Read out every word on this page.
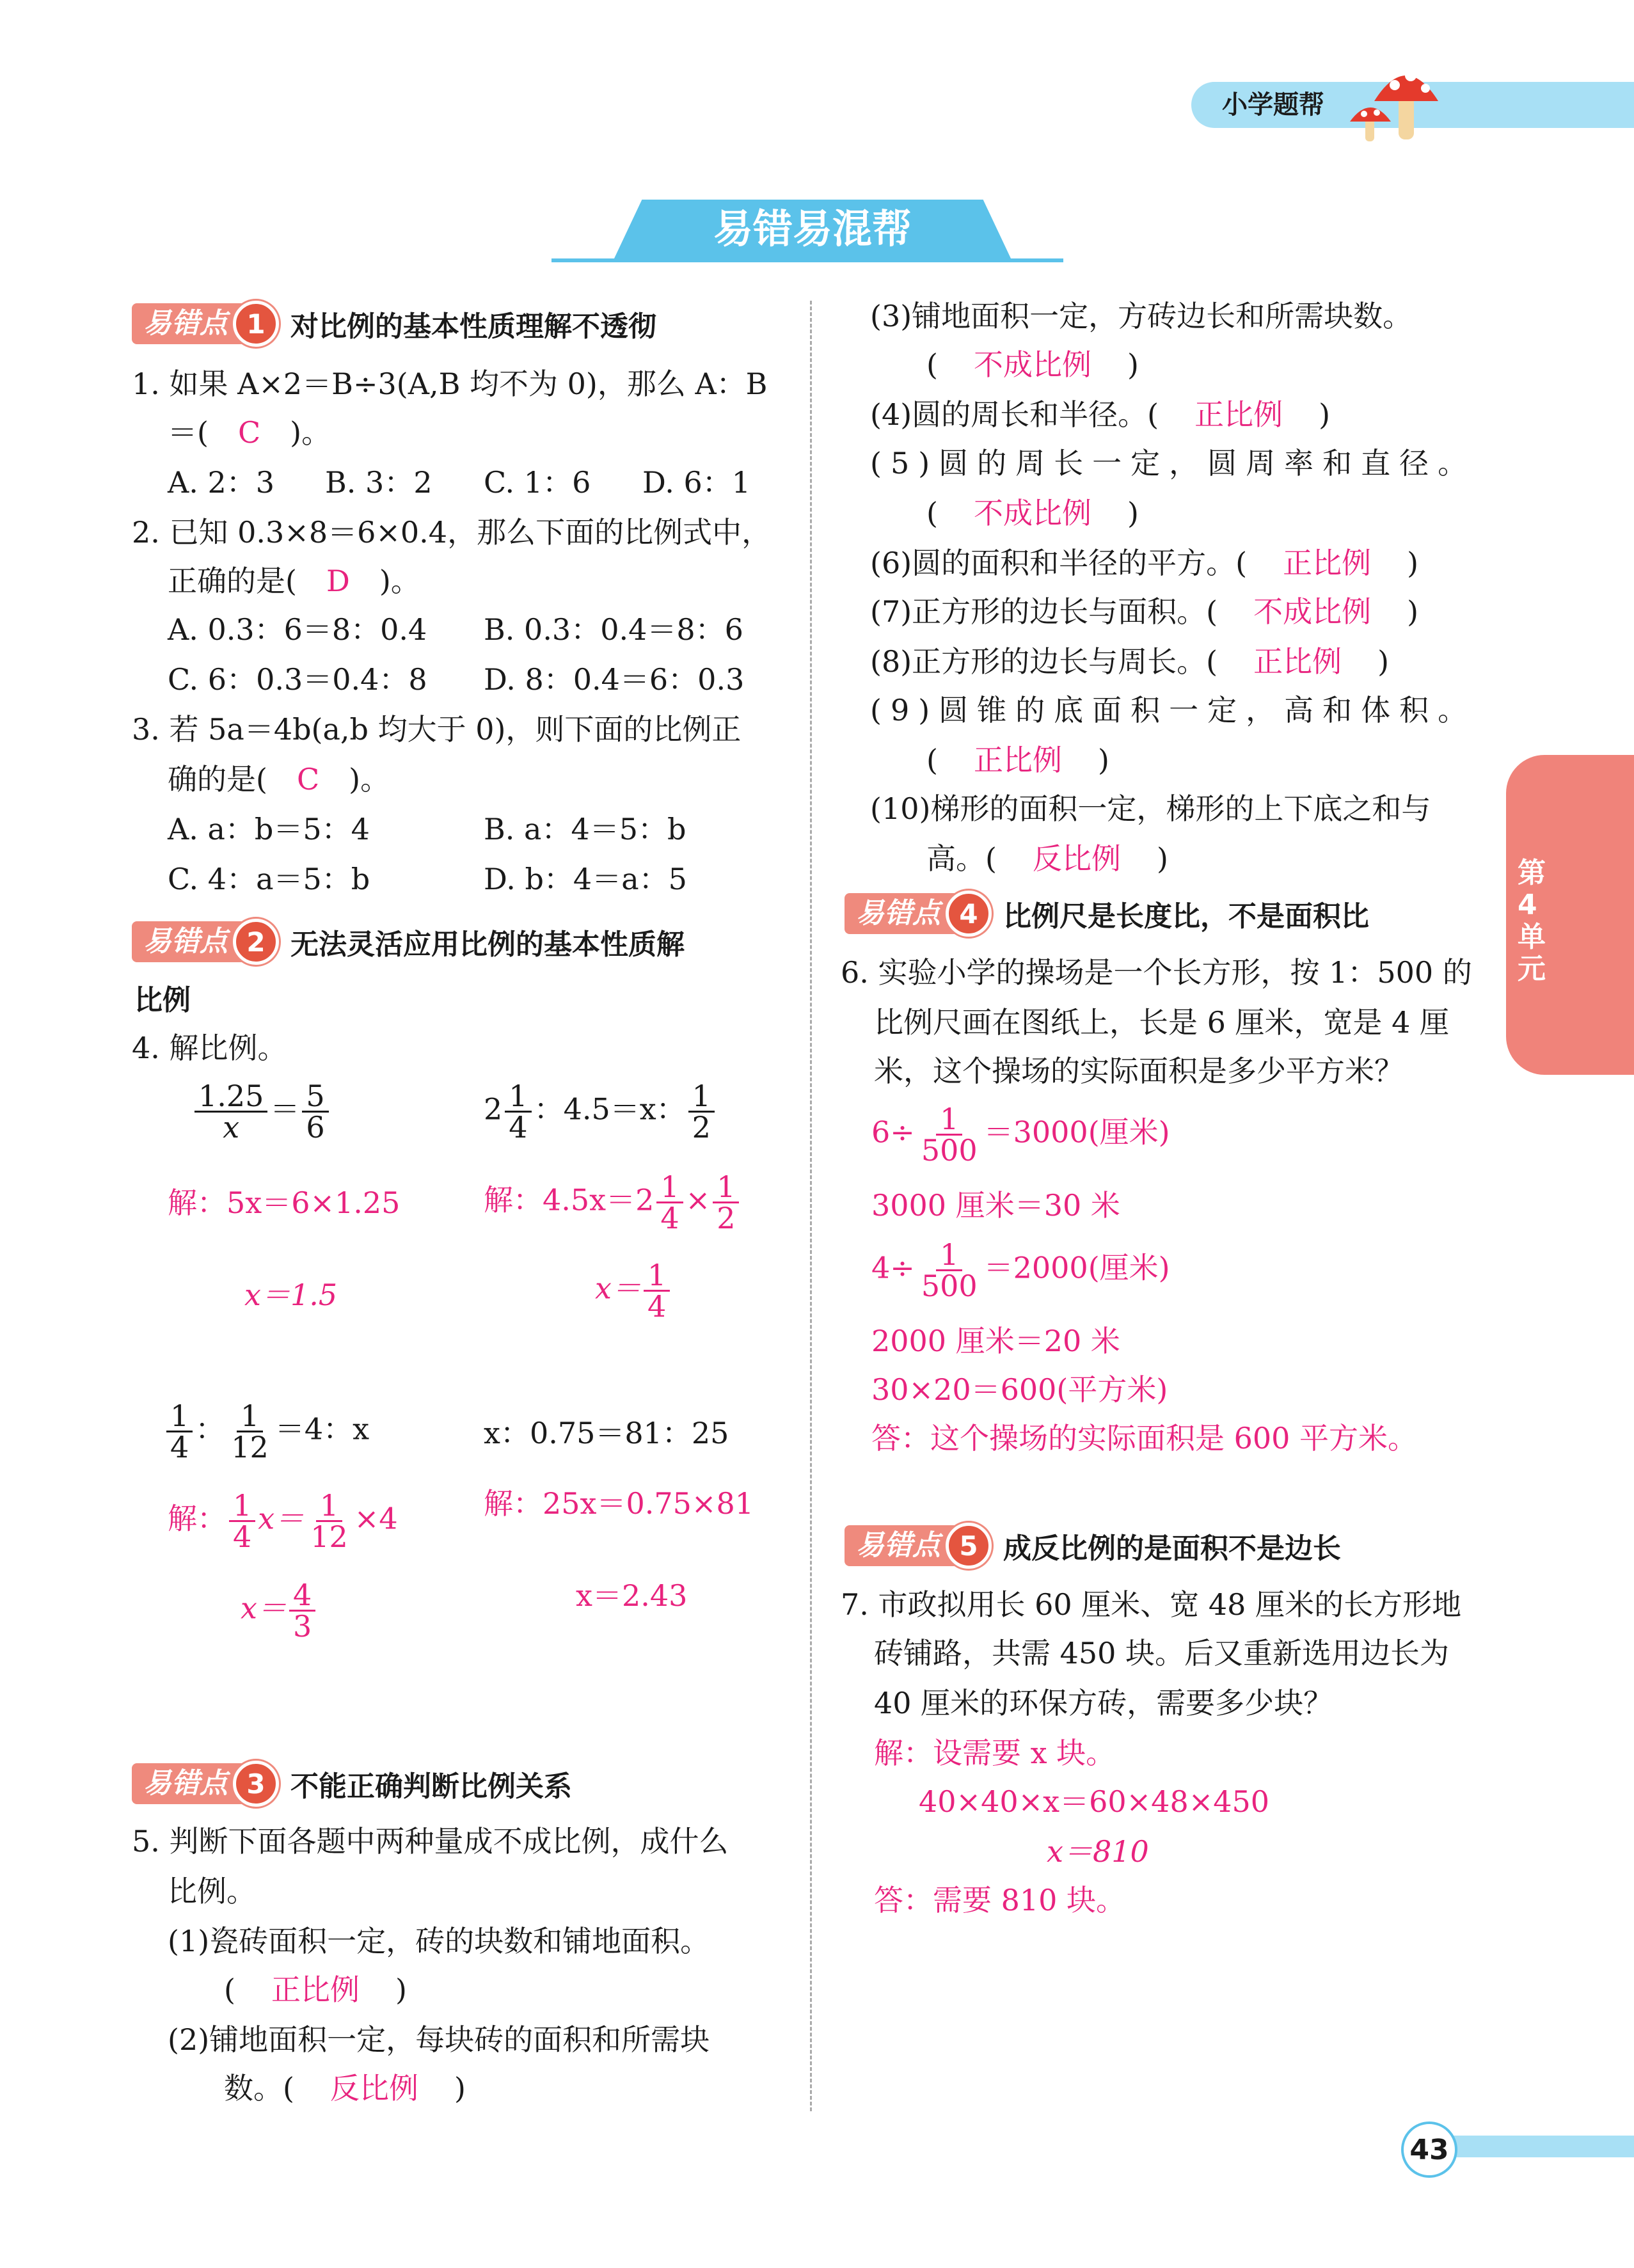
小学题帮
易错易混帮
第4单元
易错点 1 对比例的基本性质理解不透彻
1. 如果 A×2＝B÷3(A,B 均不为 0)，那么 A：B
＝( C )。
A. 2：3 B. 3：2 C. 1：6 D. 6：1
2. 已知 0.3×8＝6×0.4，那么下面的比例式中，
正确的是( D )。
A. 0.3：6＝8：0.4 B. 0.3：0.4＝8：6
C. 6：0.3＝0.4：8 D. 8：0.4＝6：0.3
3. 若 5a＝4b(a,b 均大于 0)，则下面的比例正
确的是( C )。
A. a：b＝5：4	B. a：4＝5：b
C. 4：a＝5：b	D. b：4＝a：5
易错点 2 无法灵活应用比例的基本性质解
比例
4. 解比例。
$\frac{1.25}{x} = \frac{5}{6}$
解：5x＝6×1.25
x＝1.5
$2 \frac{1}{4}$ ：4.5＝x： $\frac{1}{2}$
解：$4.5x=2 \frac{1}{4} \times \frac{1}{2}$
$x= \frac{1}{4}$
$\frac{1}{4}$ ： $\frac{1}{12} =4$：x
解： $\frac{1}{4} x= \frac{1}{12} \times 4$
$x= \frac{4}{3}$
x：0.75＝81：25
解：25x＝0.75×81
x＝2.43
易错点 3 不能正确判断比例关系
5. 判断下面各题中两种量成不成比例，成什么
比例。
(1)瓷砖面积一定，砖的块数和铺地面积。
( 正比例 )
(2)铺地面积一定，每块砖的面积和所需块
数。( 反比例 )
(3)铺地面积一定，方砖边长和所需块数。
( 不成比例 )
(4)圆的周长和半径。( 正比例 )
(5)圆的周长一定，圆周率和直径。
( 不成比例 )
(6)圆的面积和半径的平方。( 正比例 )
(7)正方形的边长与面积。( 不成比例 )
(8)正方形的边长与周长。( 正比例 )
(9)圆锥的底面积一定，高和体积。
( 正比例 )
(10)梯形的面积一定，梯形的上下底之和与
高。( 反比例 )
易错点 4 比例尺是长度比，不是面积比
6. 实验小学的操场是一个长方形，按 1：500 的
比例尺画在图纸上，长是 6 厘米，宽是 4 厘
米，这个操场的实际面积是多少平方米？
$6\div \frac{1}{500} =3000$(厘米)
3000 厘米＝30 米
$4\div \frac{1}{500} =2000$(厘米)
2000 厘米＝20 米
30×20＝600(平方米)
答：这个操场的实际面积是 600 平方米。
易错点 5 成反比例的是面积不是边长
7. 市政拟用长 60 厘米、宽 48 厘米的长方形地
砖铺路，共需 450 块。后又重新选用边长为
40 厘米的环保方砖，需要多少块？
解：设需要 x 块。
40×40×x＝60×48×450
x＝810
答：需要 810 块。
43
